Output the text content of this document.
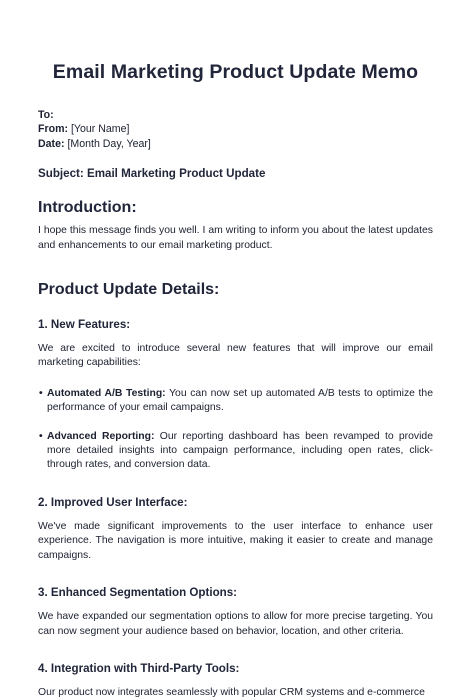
Email Marketing Product Update Memo
To:
From: [Your Name]
Date: [Month Day, Year]
Subject: Email Marketing Product Update
Introduction:
I hope this message finds you well. I am writing to inform you about the latest updates and enhancements to our email marketing product.
Product Update Details:
1. New Features:
We are excited to introduce several new features that will improve our email marketing capabilities:
• Automated A/B Testing: You can now set up automated A/B tests to optimize the performance of your email campaigns.
• Advanced Reporting: Our reporting dashboard has been revamped to provide more detailed insights into campaign performance, including open rates, click-through rates, and conversion data.
2. Improved User Interface:
We've made significant improvements to the user interface to enhance user experience. The navigation is more intuitive, making it easier to create and manage campaigns.
3. Enhanced Segmentation Options:
We have expanded our segmentation options to allow for more precise targeting. You can now segment your audience based on behavior, location, and other criteria.
4. Integration with Third-Party Tools:
Our product now integrates seamlessly with popular CRM systems and e-commerce
